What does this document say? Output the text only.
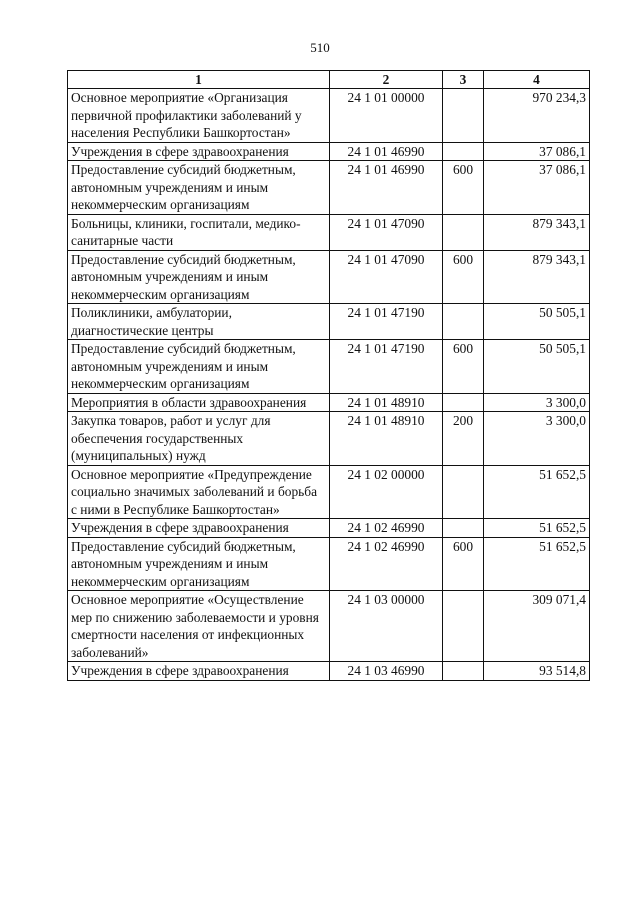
510
1	2	3	4
Основное мероприятие «Организация первичной профилактики заболеваний у населения Республики Башкортостан»	24 1 01 00000		970 234,3
Учреждения в сфере здравоохранения	24 1 01 46990		37 086,1
Предоставление субсидий бюджетным, автономным учреждениям и иным некоммерческим организациям	24 1 01 46990	600	37 086,1
Больницы, клиники, госпитали, медико-санитарные части	24 1 01 47090		879 343,1
Предоставление субсидий бюджетным, автономным учреждениям и иным некоммерческим организациям	24 1 01 47090	600	879 343,1
Поликлиники, амбулатории, диагностические центры	24 1 01 47190		50 505,1
Предоставление субсидий бюджетным, автономным учреждениям и иным некоммерческим организациям	24 1 01 47190	600	50 505,1
Мероприятия в области здравоохранения	24 1 01 48910		3 300,0
Закупка товаров, работ и услуг для обеспечения государственных (муниципальных) нужд	24 1 01 48910	200	3 300,0
Основное мероприятие «Предупреждение социально значимых заболеваний и борьба с ними в Республике Башкортостан»	24 1 02 00000		51 652,5
Учреждения в сфере здравоохранения	24 1 02 46990		51 652,5
Предоставление субсидий бюджетным, автономным учреждениям и иным некоммерческим организациям	24 1 02 46990	600	51 652,5
Основное мероприятие «Осуществление мер по снижению заболеваемости и уровня смертности населения от инфекционных заболеваний»	24 1 03 00000		309 071,4
Учреждения в сфере здравоохранения	24 1 03 46990		93 514,8
